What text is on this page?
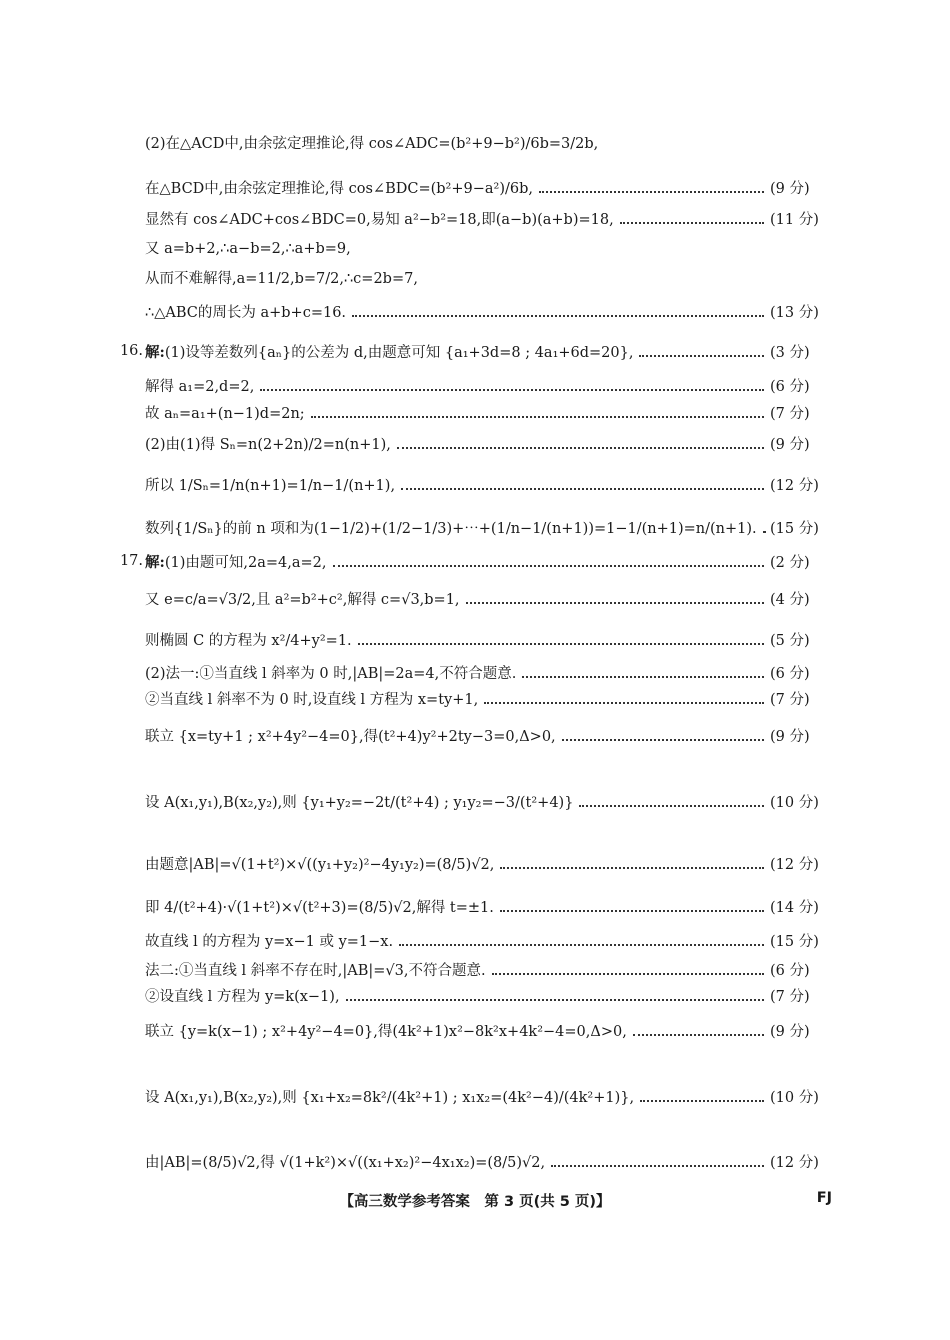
(2)在△ACD中,由余弦定理推论,得 cos∠ADC=(b²+9−b²)/6b=3/2b,
在△BCD中,由余弦定理推论,得 cos∠BDC=(b²+9−a²)/6b,	(9 分)
显然有 cos∠ADC+cos∠BDC=0,易知 a²−b²=18,即(a−b)(a+b)=18,	(11 分)
又 a=b+2,∴a−b=2,∴a+b=9,
从而不难解得,a=11/2,b=7/2,∴c=2b=7,
∴△ABC的周长为 a+b+c=16.	(13 分)
16. 解: (1)设等差数列{aₙ}的公差为 d,由题意可知 {a₁+3d=8 ; 4a₁+6d=20},	(3 分)
解得 a₁=2,d=2,	(6 分)
故 aₙ=a₁+(n−1)d=2n;	(7 分)
(2)由(1)得 Sₙ=n(2+2n)/2=n(n+1),	(9 分)
所以 1/Sₙ=1/n(n+1)=1/n−1/(n+1),	(12 分)
数列{1/Sₙ}的前 n 项和为(1−1/2)+(1/2−1/3)+⋯+(1/n−1/(n+1))=1−1/(n+1)=n/(n+1). (15 分)
17. 解: (1)由题可知,2a=4,a=2,	(2 分)
又 e=c/a=√3/2,且 a²=b²+c²,解得 c=√3,b=1,	(4 分)
则椭圆 C 的方程为 x²/4+y²=1.	(5 分)
(2)法一:①当直线 l 斜率为 0 时,|AB|=2a=4,不符合题意.	(6 分)
②当直线 l 斜率不为 0 时,设直线 l 方程为 x=ty+1,	(7 分)
联立 {x=ty+1 ; x²+4y²−4=0},得(t²+4)y²+2ty−3=0,Δ>0,	(9 分)
设 A(x₁,y₁),B(x₂,y₂),则 {y₁+y₂=−2t/(t²+4) ; y₁y₂=−3/(t²+4)}	(10 分)
由题意|AB|=√(1+t²)×√((y₁+y₂)²−4y₁y₂)=(8/5)√2,	(12 分)
即 4/(t²+4)·√(1+t²)×√(t²+3)=(8/5)√2,解得 t=±1.	(14 分)
故直线 l 的方程为 y=x−1 或 y=1−x.	(15 分)
法二:①当直线 l 斜率不存在时,|AB|=√3,不符合题意.	(6 分)
②设直线 l 方程为 y=k(x−1),	(7 分)
联立 {y=k(x−1) ; x²+4y²−4=0},得(4k²+1)x²−8k²x+4k²−4=0,Δ>0,	(9 分)
设 A(x₁,y₁),B(x₂,y₂),则 {x₁+x₂=8k²/(4k²+1) ; x₁x₂=(4k²−4)/(4k²+1)},	(10 分)
由|AB|=(8/5)√2,得 √(1+k²)×√((x₁+x₂)²−4x₁x₂)=(8/5)√2,	(12 分)
【高三数学参考答案　第 3 页(共 5 页)】	FJ
